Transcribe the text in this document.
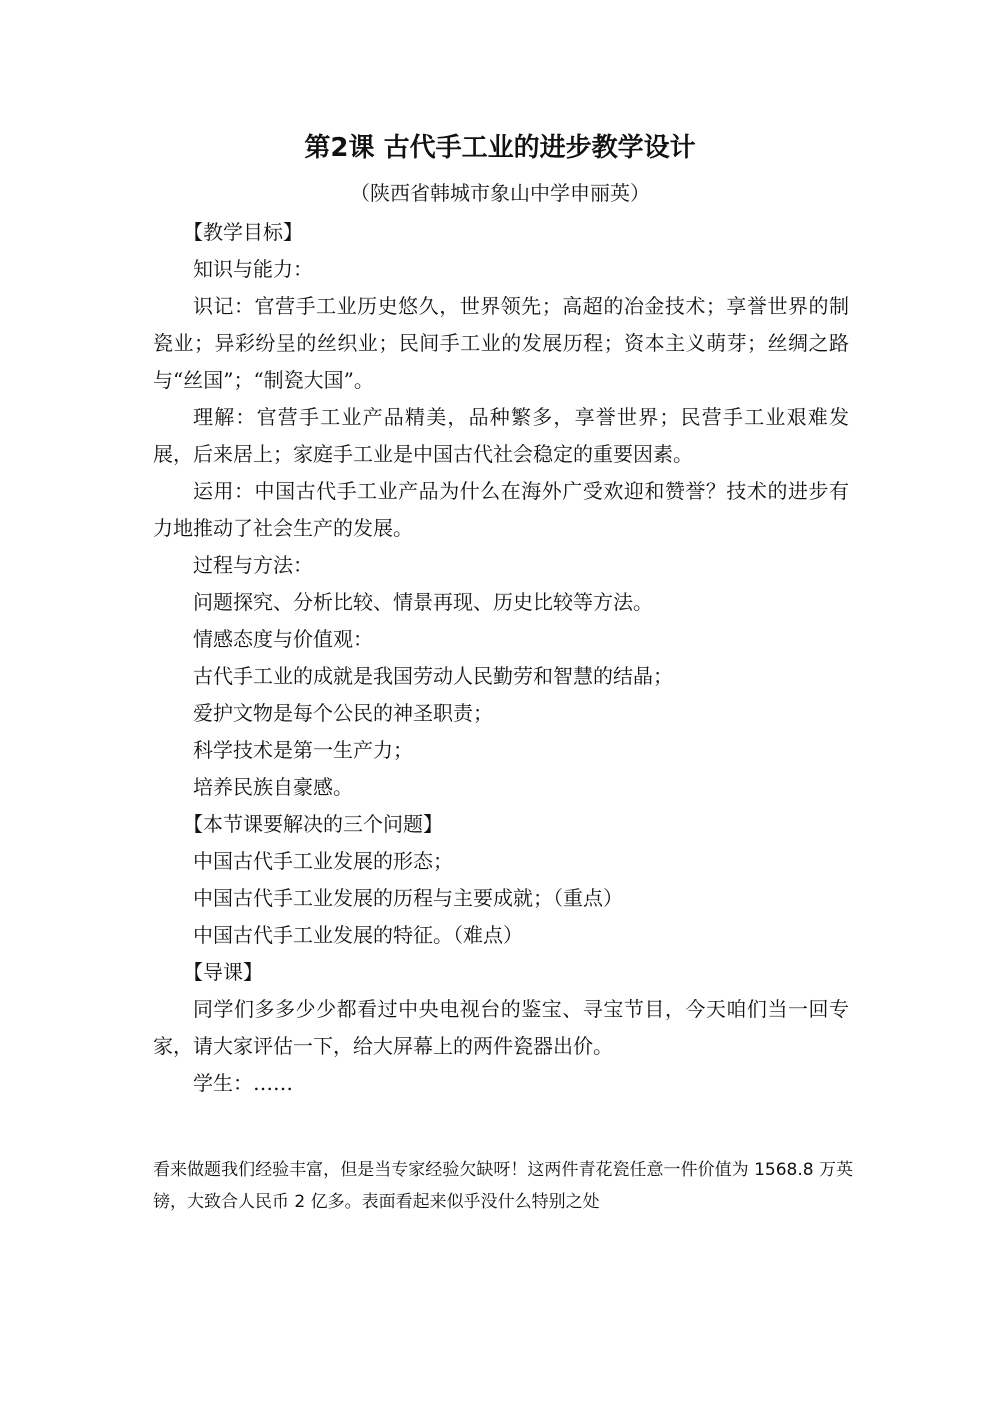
第2课 古代手工业的进步教学设计
（陕西省韩城市象山中学申丽英）

【教学目标】

知识与能力：

识记：官营手工业历史悠久，世界领先；高超的冶金技术；享誉世界的制瓷业；异彩纷呈的丝织业；民间手工业的发展历程；资本主义萌芽；丝绸之路与“丝国”；“制瓷大国”。

理解：官营手工业产品精美，品种繁多，享誉世界；民营手工业艰难发展，后来居上；家庭手工业是中国古代社会稳定的重要因素。

运用：中国古代手工业产品为什么在海外广受欢迎和赞誉？技术的进步有力地推动了社会生产的发展。

过程与方法：

问题探究、分析比较、情景再现、历史比较等方法。

情感态度与价值观：

古代手工业的成就是我国劳动人民勤劳和智慧的结晶；

爱护文物是每个公民的神圣职责；

科学技术是第一生产力；

培养民族自豪感。

【本节课要解决的三个问题】

中国古代手工业发展的形态；

中国古代手工业发展的历程与主要成就；（重点）

中国古代手工业发展的特征。（难点）

【导课】

同学们多多少少都看过中央电视台的鉴宝、寻宝节目，今天咱们当一回专家，请大家评估一下，给大屏幕上的两件瓷器出价。

学生：……

看来做题我们经验丰富，但是当专家经验欠缺呀！这两件青花瓷任意一件价值为 1568.8 万英镑，大致合人民币 2 亿多。表面看起来似乎没什么特别之处
